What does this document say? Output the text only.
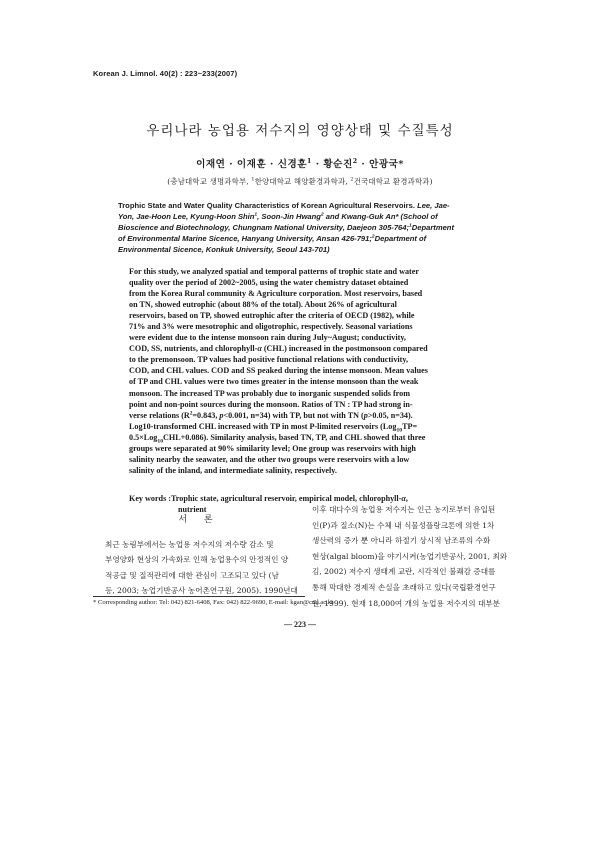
Korean J. Limnol. 40(2) : 223~233(2007)
우리나라 농업용 저수지의 영양상태 및 수질특성
이재연 · 이재훈 · 신경훈$^1$ · 황순진$^2$ · 안광국*
(충남대학교 생명과학부, $^1$한양대학교 해양환경과학과, $^2$건국대학교 환경과학과)
Trophic State and Water Quality Characteristics of Korean Agricultural Reservoirs. Lee, Jae-
Yon, Jae-Hoon Lee, Kyung-Hoon Shin$^1$, Soon-Jin Hwang$^2$ and Kwang-Guk An* (School of
Bioscience and Biotechnology, Chungnam National University, Daejeon 305-764;$^1$Department
of Environmental Marine Sicence, Hanyang University, Ansan 426-791;$^2$Department of
Environmental Sicence, Konkuk University, Seoul 143-701)
For this study, we analyzed spatial and temporal patterns of trophic state and water
quality over the period of 2002~2005, using the water chemistry dataset obtained
from the Korea Rural community & Agriculture corporation. Most reservoirs, based
on TN, showed eutrophic (about 88% of the total). About 26% of agricultural
reservoirs, based on TP, showed eutrophic after the criteria of OECD (1982), while
71% and 3% were mesotrophic and oligotrophic, respectively. Seasonal variations
were evident due to the intense monsoon rain during July~August; conductivity,
COD, SS, nutrients, and chlorophyll-α (CHL) increased in the postmonsoon compared
to the premonsoon. TP values had positive functional relations with conductivity,
COD, and CHL values. COD and SS peaked during the intense monsoon. Mean values
of TP and CHL values were two times greater in the intense monsoon than the weak
monsoon. The increased TP was probably due to inorganic suspended solids from
point and non-point sources during the monsoon. Ratios of TN : TP had strong in-
verse relations ($R^2=0.843$, p<0.001, n=34) with TP, but not with TN (p>0.05, n=34).
Log10-transformed CHL increased with TP in most P-limited reservoirs (Log$_{10}$TP=
0.5×Log$_{10}$CHL+0.086). Similarity analysis, based TN, TP, and CHL showed that three
groups were separated at 90% similarity level; One group was reservoirs with high
salinity nearby the seawater, and the other two groups were reservoirs with a low
salinity of the inland, and intermediate salinity, respectively.
Key words :Trophic state, agricultural reservoir, empirical model, chlorophyll-α,
nutrient
서 론
최근 농림부에서는 농업용 저수지의 저수량 감소 및
부영양화 현상의 가속화로 인해 농업용수의 안정적인 양
적공급 및 질적관리에 대한 관심이 고조되고 있다 (남
등, 2003; 농업기반공사 농어촌연구원, 2005). 1990년대
이후 대다수의 농업용 저수지는 인근 농지로부터 유입된
인(P)과 질소(N)는 수체 내 식물성플랑크톤에 의한 1차
생산력의 증가 뿐 아니라 하절기 상시적 남조류의 수화
현상(algal bloom)을 야기시켜(농업기반공사, 2001, 최와
김, 2002) 저수지 생태계 교란, 시각적인 불쾌감 증대를
통해 막대한 경제적 손실을 초래하고 있다(국립환경연구
원, 1999). 현재 18,000여 개의 농업용 저수지의 대부분
* Corresponding author: Tel: 042) 821-6408, Fax: 042) 822-9690, E-mail: kgan@cnu.ac.kr
— 223 —
